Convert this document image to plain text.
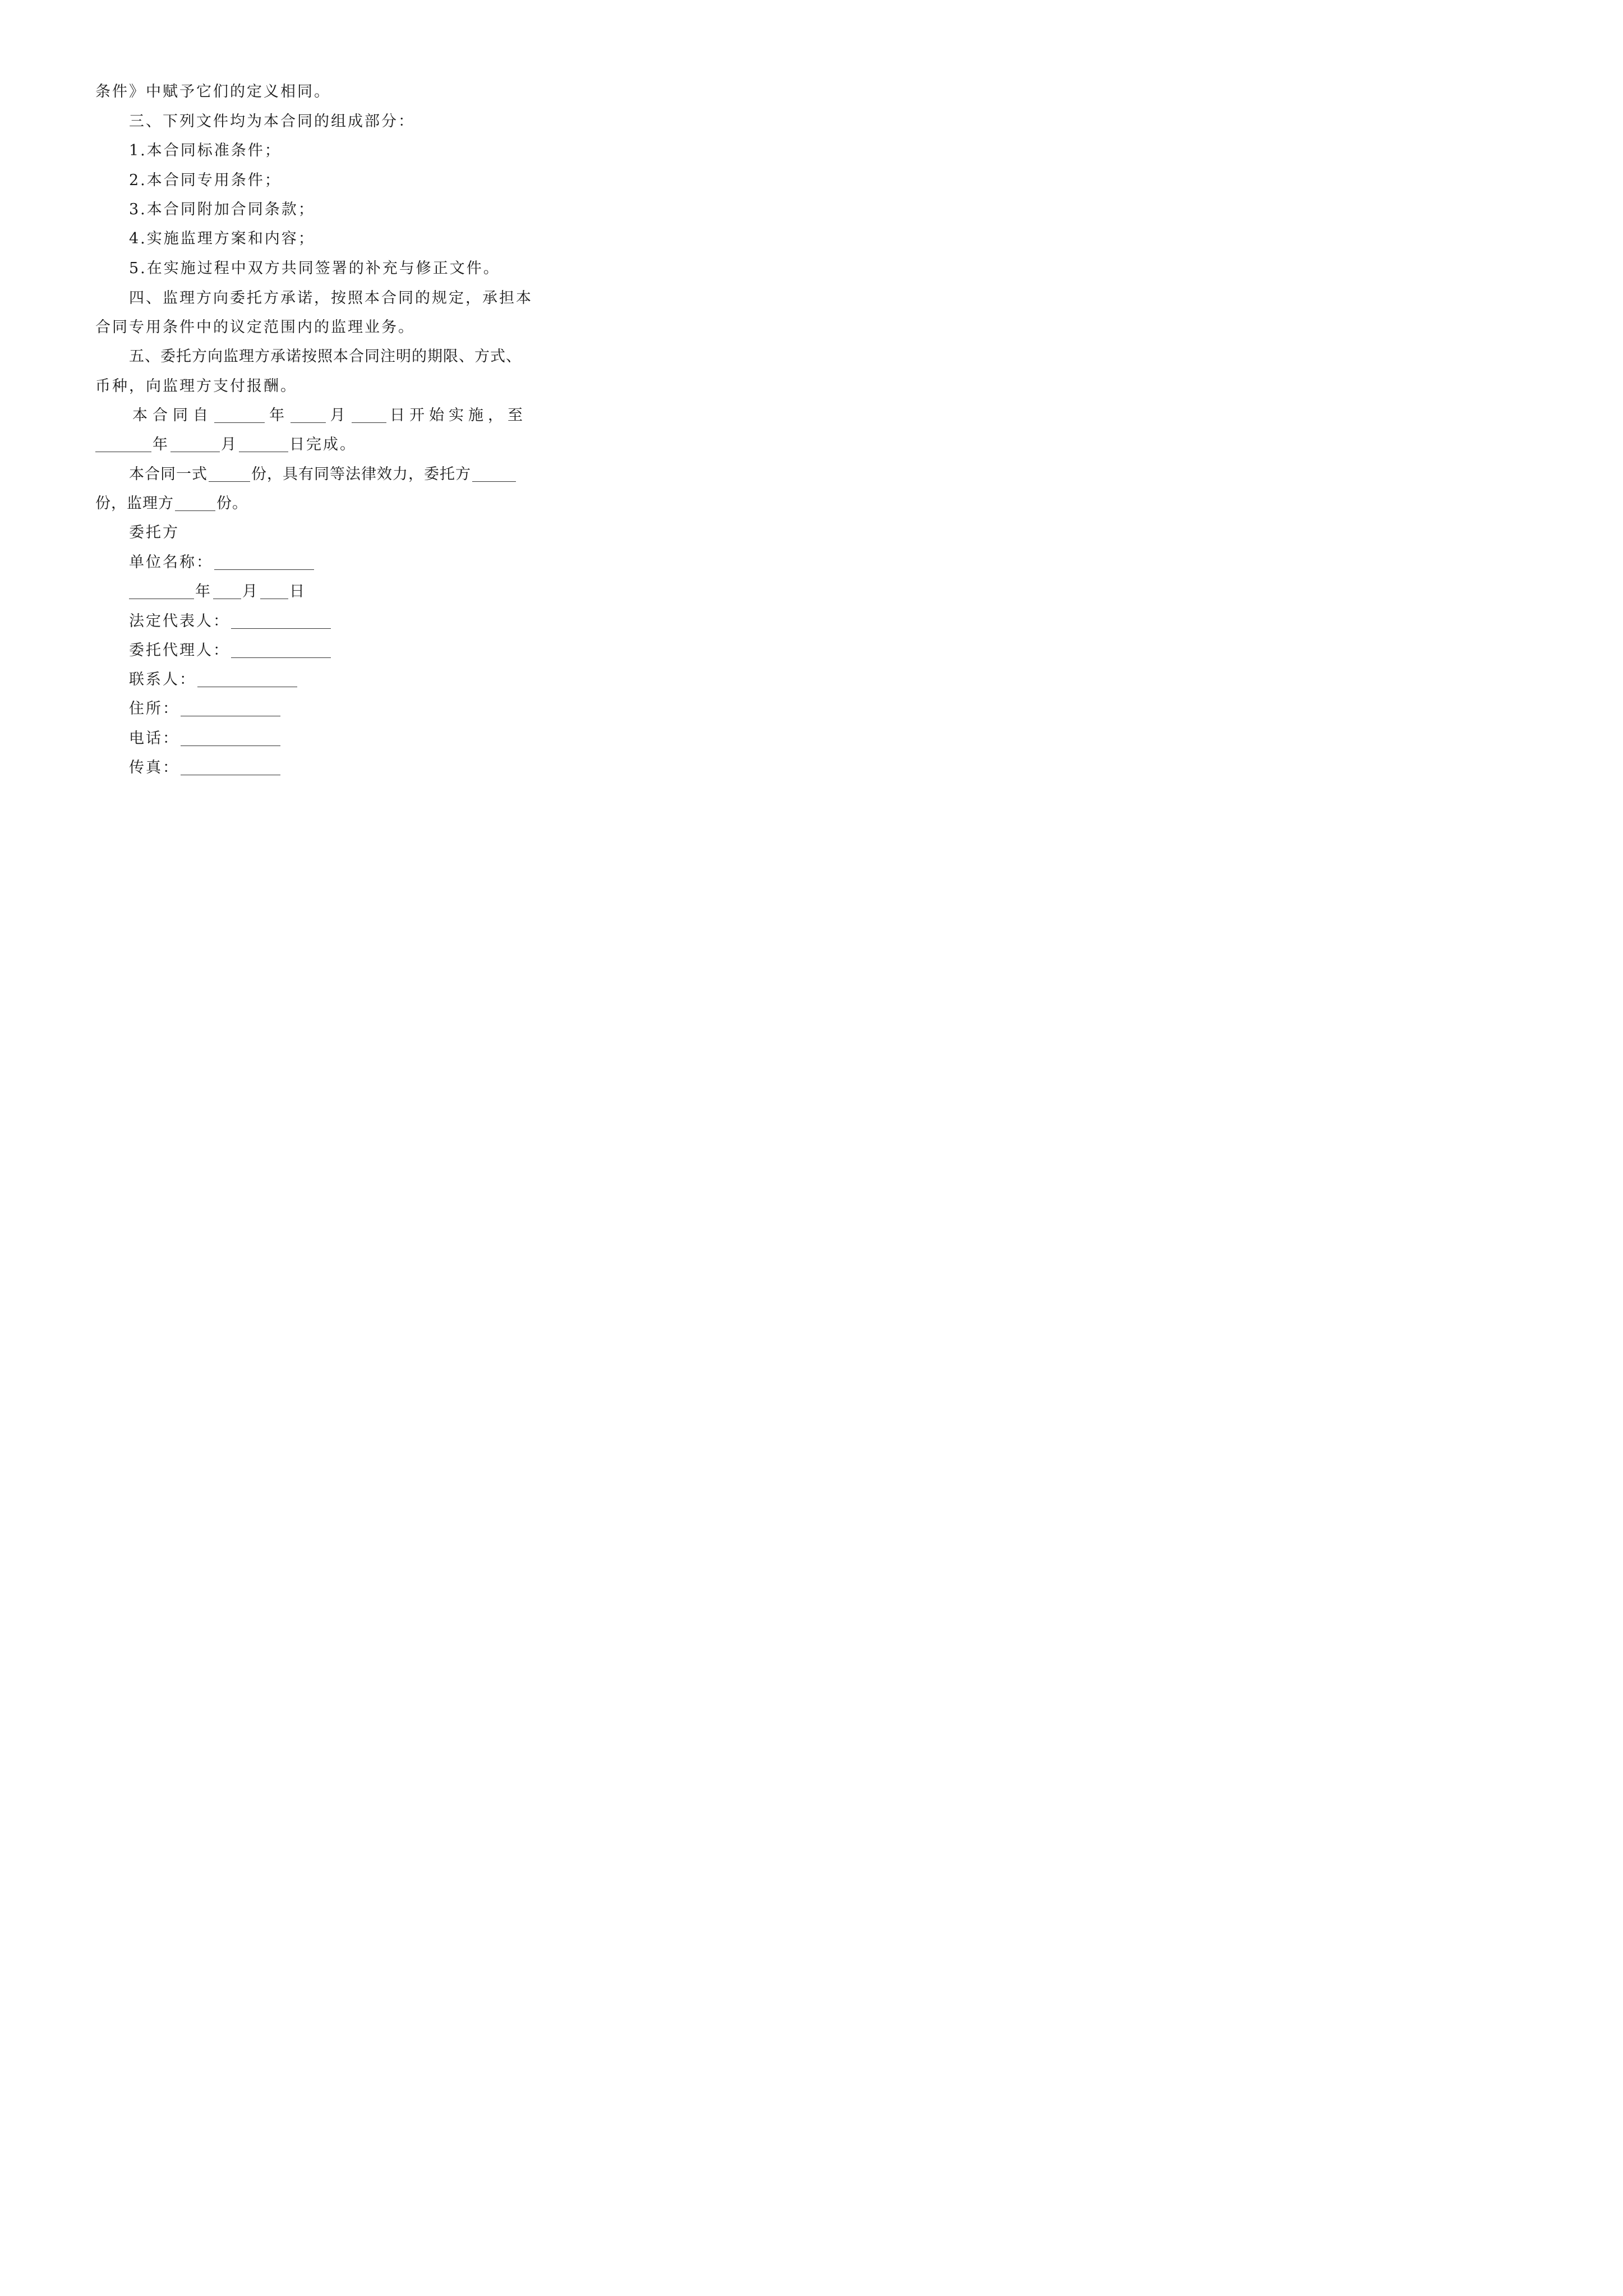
条件》中赋予它们的定义相同。
三、下列文件均为本合同的组成部分：
1.本合同标准条件；
2.本合同专用条件；
3.本合同附加合同条款；
4.实施监理方案和内容；
5.在实施过程中双方共同签署的补充与修正文件。
四、监理方向委托方承诺，按照本合同的规定，承担本
合同专用条件中的议定范围内的监理业务。
五、委托方向监理方承诺按照本合同注明的期限、方式、
币种，向监理方支付报酬。
本合同自	年	月	日开始实施，至
年	月	日完成。
本合同一式	份，具有同等法律效力，委托方
份，监理方	份。
委托方
单位名称：
年 月 日
法定代表人：
委托代理人：
联系人：
住所：
电话：
传真：
